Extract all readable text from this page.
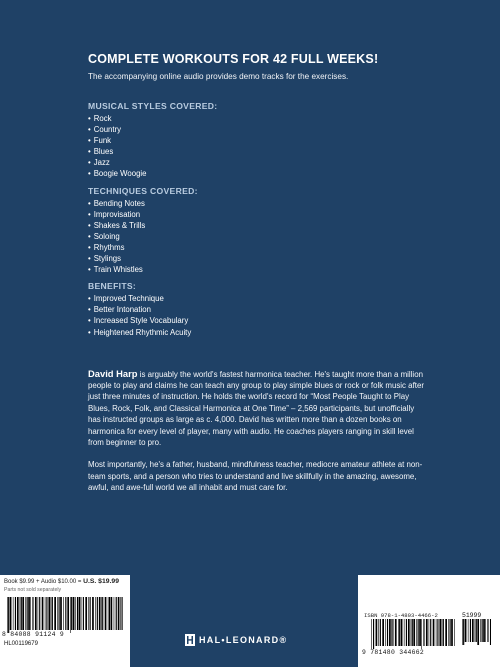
COMPLETE WORKOUTS FOR 42 FULL WEEKS!
The accompanying online audio provides demo tracks for the exercises.
MUSICAL STYLES COVERED:
• Rock
• Country
• Funk
• Blues
• Jazz
• Boogie Woogie
TECHNIQUES COVERED:
• Bending Notes
• Improvisation
• Shakes & Trills
• Soloing
• Rhythms
• Stylings
• Train Whistles
BENEFITS:
• Improved Technique
• Better Intonation
• Increased Style Vocabulary
• Heightened Rhythmic Acuity

David Harp is arguably the world's fastest harmonica teacher. He's taught more than a million people to play and claims he can teach any group to play simple blues or rock or folk music after just three minutes of instruction. He holds the world's record for “Most People Taught to Play Blues, Rock, Folk, and Classical Harmonica at One Time” – 2,569 participants, but unofficially has instructed groups as large as c. 4,000. David has written more than a dozen books on harmonica for every level of player, many with audio. He coaches players ranging in skill level from beginner to pro.

Most importantly, he's a father, husband, mindfulness teacher, mediocre amateur athlete at non-team sports, and a person who tries to understand and live skillfully in the amazing, awesome, awful, and awe-full world we all inhabit and must care for.

Book $9.99 + Audio $10.00 = U.S. $19.99
Parts not sold separately
8 84088 91124 9
HL00119679	HAL•LEONARD®
ISBN 978-1-4803-4466-2	51999
9 781480 344662
